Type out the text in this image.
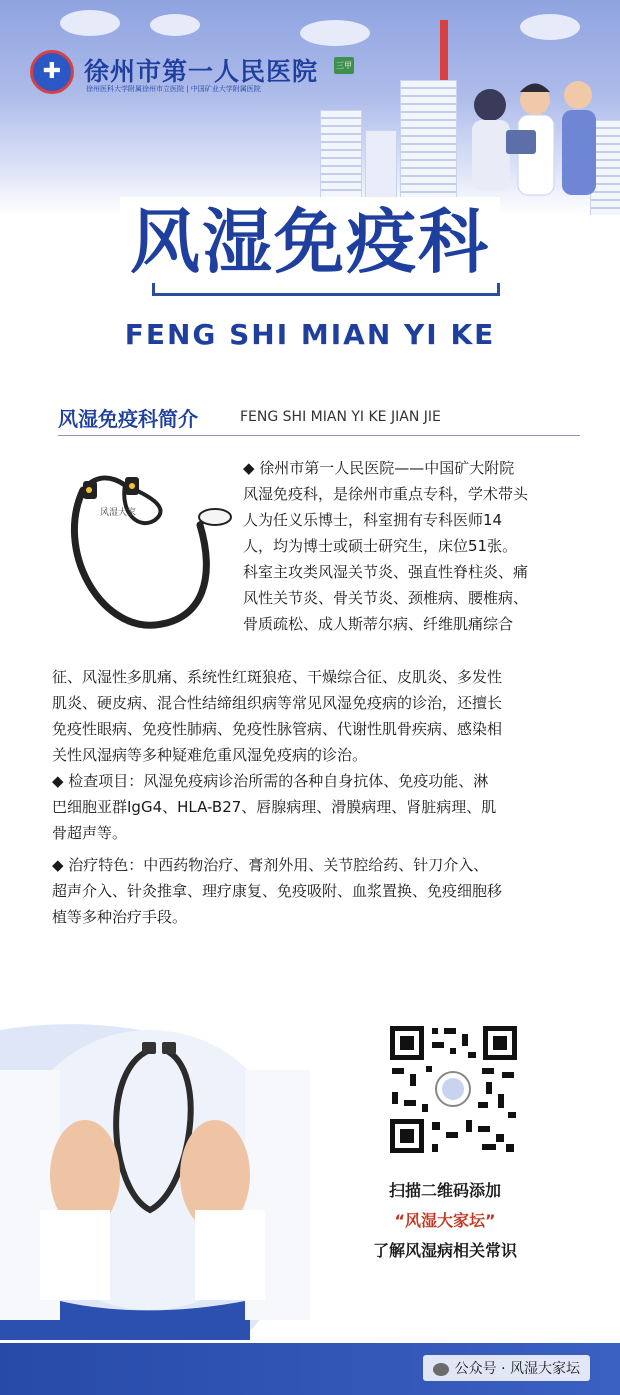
✚ 徐州市第一人民医院 三甲
徐州医科大学附属徐州市立医院 | 中国矿业大学附属医院
风湿免疫科
FENG SHI MIAN YI KE
风湿免疫科简介	FENG SHI MIAN YI KE JIAN JIE
风湿大家
◆ 徐州市第一人民医院——中国矿大附院
风湿免疫科，是徐州市重点专科，学术带头
人为任义乐博士，科室拥有专科医师14
人，均为博士或硕士研究生，床位51张。
科室主攻类风湿关节炎、强直性脊柱炎、痛
风性关节炎、骨关节炎、颈椎病、腰椎病、
骨质疏松、成人斯蒂尔病、纤维肌痛综合
征、风湿性多肌痛、系统性红斑狼疮、干燥综合征、皮肌炎、多发性
肌炎、硬皮病、混合性结缔组织病等常见风湿免疫病的诊治，还擅长
免疫性眼病、免疫性肺病、免疫性脉管病、代谢性肌骨疾病、感染相
关性风湿病等多种疑难危重风湿免疫病的诊治。
◆ 检查项目：风湿免疫病诊治所需的各种自身抗体、免疫功能、淋
巴细胞亚群IgG4、HLA-B27、唇腺病理、滑膜病理、肾脏病理、肌
骨超声等。
◆ 治疗特色：中西药物治疗、膏剂外用、关节腔给药、针刀介入、
超声介入、针灸推拿、理疗康复、免疫吸附、血浆置换、免疫细胞移
植等多种治疗手段。
扫描二维码添加
“风湿大家坛”
了解风湿病相关常识
公众号 · 风湿大家坛
